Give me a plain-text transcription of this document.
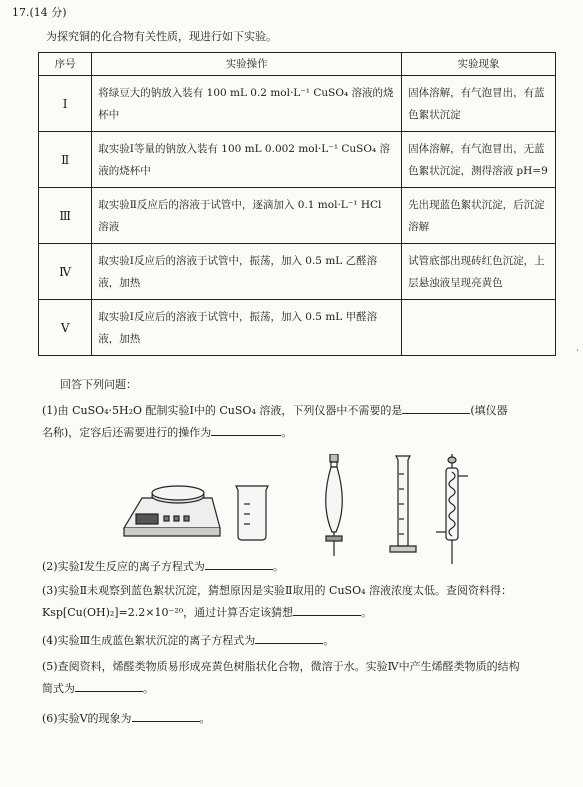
17.(14 分)
为探究铜的化合物有关性质，现进行如下实验。
序号	实验操作	实验现象
Ⅰ	将绿豆大的钠放入装有 100 mL 0.2 mol·L⁻¹ CuSO₄ 溶液的烧杯中	固体溶解，有气泡冒出，有蓝色絮状沉淀
Ⅱ	取实验Ⅰ等量的钠放入装有 100 mL 0.002 mol·L⁻¹ CuSO₄ 溶液的烧杯中	固体溶解，有气泡冒出，无蓝色絮状沉淀，测得溶液 pH=9
Ⅲ	取实验Ⅱ反应后的溶液于试管中，逐滴加入 0.1 mol·L⁻¹ HCl 溶液	先出现蓝色絮状沉淀，后沉淀溶解
Ⅳ	取实验Ⅰ反应后的溶液于试管中，振荡，加入 0.5 mL 乙醛溶液，加热	试管底部出现砖红色沉淀，上层悬浊液呈现亮黄色
Ⅴ	取实验Ⅰ反应后的溶液于试管中，振荡，加入 0.5 mL 甲醛溶液，加热	
·
回答下列问题：
(1)由 CuSO₄·5H₂O 配制实验Ⅰ中的 CuSO₄ 溶液，下列仪器中不需要的是	(填仪器
名称)，定容后还需要进行的操作为	。
(2)实验Ⅰ发生反应的离子方程式为	。
(3)实验Ⅱ未观察到蓝色絮状沉淀，猜想原因是实验Ⅱ取用的 CuSO₄ 溶液浓度太低。查阅资料得：
Ksp[Cu(OH)₂]=2.2×10⁻²⁰，通过计算否定该猜想	。
(4)实验Ⅲ生成蓝色絮状沉淀的离子方程式为	。
(5)查阅资料，烯醛类物质易形成亮黄色树脂状化合物，微溶于水。实验Ⅳ中产生烯醛类物质的结构
简式为	。
(6)实验Ⅴ的现象为	。
